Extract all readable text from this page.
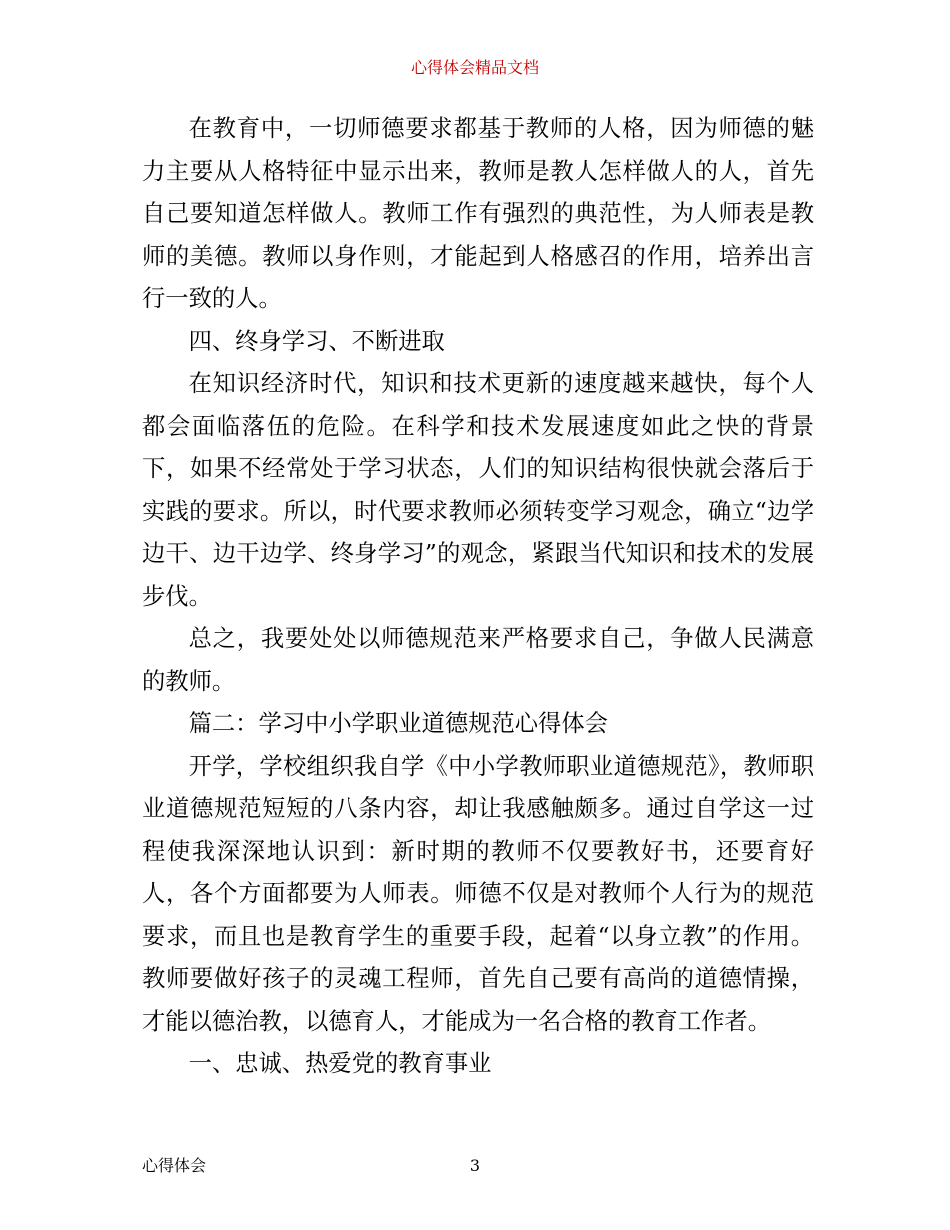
心得体会精品文档

在教育中，一切师德要求都基于教师的人格，因为师德的魅力主要从人格特征中显示出来，教师是教人怎样做人的人，首先自己要知道怎样做人。教师工作有强烈的典范性，为人师表是教师的美德。教师以身作则，才能起到人格感召的作用，培养出言行一致的人。

四、终身学习、不断进取

在知识经济时代，知识和技术更新的速度越来越快，每个人都会面临落伍的危险。在科学和技术发展速度如此之快的背景下，如果不经常处于学习状态，人们的知识结构很快就会落后于实践的要求。所以，时代要求教师必须转变学习观念，确立“边学边干、边干边学、终身学习”的观念，紧跟当代知识和技术的发展步伐。

总之，我要处处以师德规范来严格要求自己，争做人民满意的教师。

篇二：学习中小学职业道德规范心得体会

开学，学校组织我自学《中小学教师职业道德规范》，教师职业道德规范短短的八条内容，却让我感触颇多。通过自学这一过程使我深深地认识到：新时期的教师不仅要教好书，还要育好人，各个方面都要为人师表。师德不仅是对教师个人行为的规范要求，而且也是教育学生的重要手段，起着“以身立教”的作用。教师要做好孩子的灵魂工程师，首先自己要有高尚的道德情操，才能以德治教，以德育人，才能成为一名合格的教育工作者。

一、忠诚、热爱党的教育事业

心得体会	3
